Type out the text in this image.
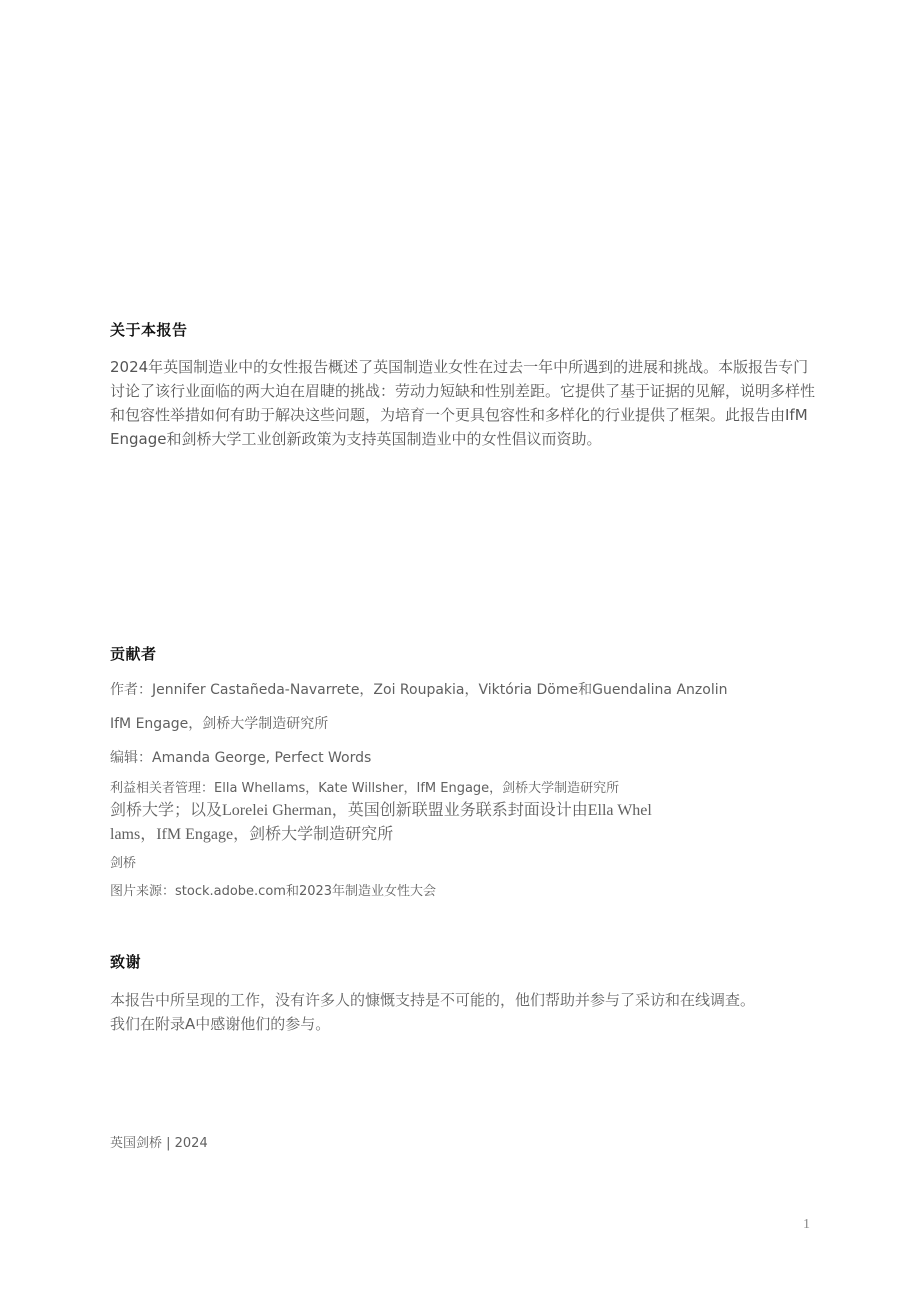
关于本报告

2024年英国制造业中的女性报告概述了英国制造业女性在过去一年中所遇到的进展和挑战。本版报告专门讨论了该行业面临的两大迫在眉睫的挑战：劳动力短缺和性别差距。它提供了基于证据的见解，说明多样性和包容性举措如何有助于解决这些问题，为培育一个更具包容性和多样化的行业提供了框架。此报告由IfM Engage和剑桥大学工业创新政策为支持英国制造业中的女性倡议而资助。

贡献者

作者：Jennifer Castañeda-Navarrete，Zoi Roupakia，Viktória Döme和Guendalina Anzolin

IfM Engage，剑桥大学制造研究所

编辑：Amanda George, Perfect Words

利益相关者管理：Ella Whellams，Kate Willsher，IfM Engage，剑桥大学制造研究所

剑桥大学；以及Lorelei Gherman，英国创新联盟业务联系封面设计由Ella Whel

lams，IfM Engage，剑桥大学制造研究所

剑桥

图片来源：stock.adobe.com和2023年制造业女性大会

致谢

本报告中所呈现的工作，没有许多人的慷慨支持是不可能的，他们帮助并参与了采访和在线调查。

我们在附录A中感谢他们的参与。

英国剑桥 | 2024

1
